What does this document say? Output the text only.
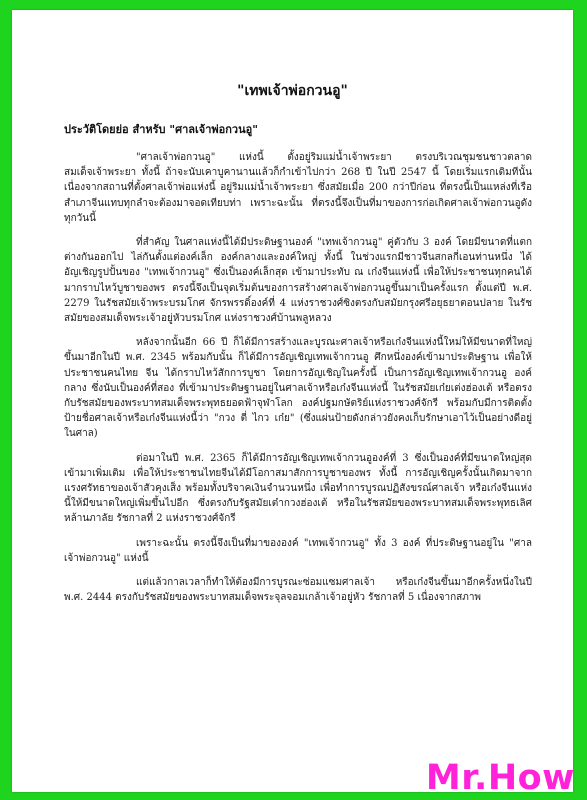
"เทพเจ้าพ่อกวนอู"
ประวัติโดยย่อ สำหรับ "ศาลเจ้าพ่อกวนอู"

"ศาลเจ้าพ่อกวนอู" แห่งนี้ ตั้งอยู่ริมแม่น้ำเจ้าพระยา ตรงบริเวณชุมชนชาวตลาดสมเด็จเจ้าพระยา ทั้งนี้ ถ้าจะนับเคาบูคานานแล้วก็กำเข้าไปกว่า 268 ปี ในปี 2547 นี้ โดยเริ่มแรกเดิมทีนั้นเนื่องจากสถานที่ตั้งศาลเจ้าพ่อแห่งนี้ อยู่ริมแม่น้ำเจ้าพระยา ซึ่งสมัยเมื่อ 200 กว่าปีก่อน ที่ตรงนี้เป็นแหล่งที่เรือสำเภาจีนแทบทุกลำจะต้องมาจอดเทียบท่า เพราะฉะนั้น ที่ตรงนี้จึงเป็นที่มาของการก่อเกิดศาลเจ้าพ่อกวนอูดังทุกวันนี้

ที่สำคัญ ในศาลแห่งนี้ได้มีประดิษฐานองค์ "เทพเจ้ากวนอู" คู่ตัวกับ 3 องค์ โดยมีขนาดที่แตกต่างกันออกไป ไล่กันตั้งแต่องค์เล็ก องค์กลางและองค์ใหญ่ ทั้งนี้ ในช่วงแรกมีชาวจีนสกลกี่เอนท่านหนึ่ง ได้อัญเชิญรูปปั้นของ "เทพเจ้ากวนอู" ซึ่งเป็นองค์เล็กสุด เข้ามาประทับ ณ เก๋งจีนแห่งนี้ เพื่อให้ประชาชนทุกคนได้มากราบไหว้บูชาของพร ตรงนี้จึงเป็นจุดเริ่มต้นของการสร้างศาลเจ้าพ่อกวนอูขึ้นมาเป็นครั้งแรก ตั้งแต่ปี พ.ศ. 2279 ในรัชสมัยเจ้าพระบรมโกศ จักรพรรดิ์องค์ที่ 4 แห่งราชวงศ์ซิงตรงกับสมัยกรุงศรีอยุธยาตอนปลาย ในรัชสมัยของสมเด็จพระเจ้าอยู่หัวบรมโกศ แห่งราชวงศ์บ้านพลูหลวง

หลังจากนั้นอีก 66 ปี ก็ได้มีการสร้างและบูรณะศาลเจ้าหรือเก๋งจีนแห่งนี้ใหม่ให้มีขนาดที่ใหญ่ขึ้นมาอีกในปี พ.ศ. 2345 พร้อมกับนั้น ก็ได้มีการอัญเชิญเทพเจ้ากวนอู ศึกหนึ่งองค์เข้ามาประดิษฐาน เพื่อให้ประชาชนคนไทย จีน ได้กราบไหว้สักการบูชา โดยการอัญเชิญในครั้งนี้ เป็นการอัญเชิญเทพเจ้ากวนอู องค์กลาง ซึ่งนับเป็นองค์ที่สอง ที่เข้ามาประดิษฐานอยู่ในศาลเจ้าหรือเก๋งจีนแห่งนี้ ในรัชสมัยเก๋ยเต่งฮ่องเต้ หรือตรงกับรัชสมัยของพระบาทสมเด็จพระพุทธยอดฟ้าจุฬาโลก องค์ปฐมกษัตริย์แห่งราชวงศ์จักรี พร้อมกับมีการติดตั้งป้ายชื่อศาลเจ้าหรือเก๋งจีนแห่งนี้ว่า "กวง ตี่ ไกว เก๋ย" (ซึ่งแผ่นป้ายดังกล่าวยังคงเก็บรักษาเอาไว้เป็นอย่างดีอยู่ในศาล)

ต่อมาในปี พ.ศ. 2365 ก็ได้มีการอัญเชิญเทพเจ้ากวนอูองค์ที่ 3 ซึ่งเป็นองค์ที่มีขนาดใหญ่สุดเข้ามาเพิ่มเติม เพื่อให้ประชาชนไทยจีนได้มีโอกาสมาสักการบูชาของพร ทั้งนี้ การอัญเชิญครั้งนั้นเกิดมาจากแรงศรัทธาของเจ้าสัวคุงเส็ง พร้อมทั้งบริจาคเงินจำนวนหนึ่ง เพื่อทำการบูรณปฏิสังขรณ์ศาลเจ้า หรือเก๋งจีนแห่งนี้ให้มีขนาดใหญ่เพิ่มขึ้นไปอีก ซึ่งตรงกับรัฐสมัยเต๋ากวงฮ่องเต้ หรือในรัชสมัยของพระบาทสมเด็จพระพุทธเลิศหล้านภาลัย รัชกาลที่ 2 แห่งราชวงศ์จักรี

เพราะฉะนั้น ตรงนี้จึงเป็นที่มาขององค์ "เทพเจ้ากวนอู" ทั้ง 3 องค์ ที่ประดิษฐานอยู่ใน "ศาลเจ้าพ่อกวนอู" แห่งนี้

แต่แล้วกาลเวลาก็ทำให้ต้องมีการบูรณะซ่อมแซมศาลเจ้า หรือเก๋งจีนขึ้นมาอีกครั้งหนึ่งในปี พ.ศ. 2444 ตรงกับรัชสมัยของพระบาทสมเด็จพระจุลจอมเกล้าเจ้าอยู่หัว รัชกาลที่ 5 เนื่องจากสภาพ

Mr.How
